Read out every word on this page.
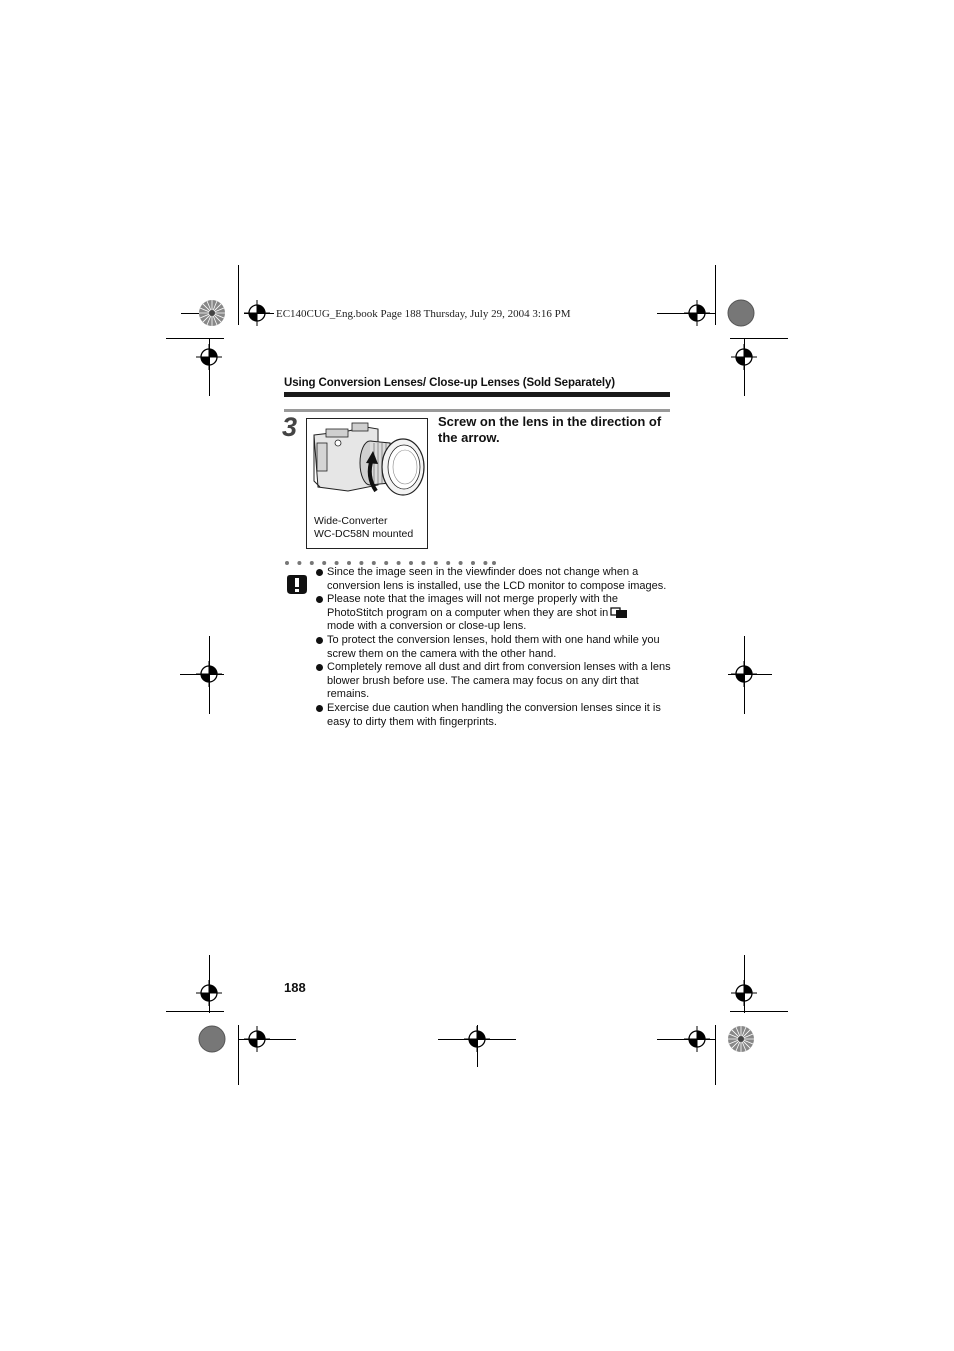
EC140CUG_Eng.book Page 188 Thursday, July 29, 2004 3:16 PM
Using Conversion Lenses/ Close-up Lenses (Sold Separately)
3
Wide-Converter
WC-DC58N mounted
Screw on the lens in the direction of the arrow.
Since the image seen in the viewfinder does not change when a conversion lens is installed, use the LCD monitor to compose images.
Please note that the images will not merge properly with the PhotoStitch program on a computer when they are shot in
mode with a conversion or close-up lens.
To protect the conversion lenses, hold them with one hand while you screw them on the camera with the other hand.
Completely remove all dust and dirt from conversion lenses with a lens blower brush before use. The camera may focus on any dirt that remains.
Exercise due caution when handling the conversion lenses since it is easy to dirty them with fingerprints.
188
